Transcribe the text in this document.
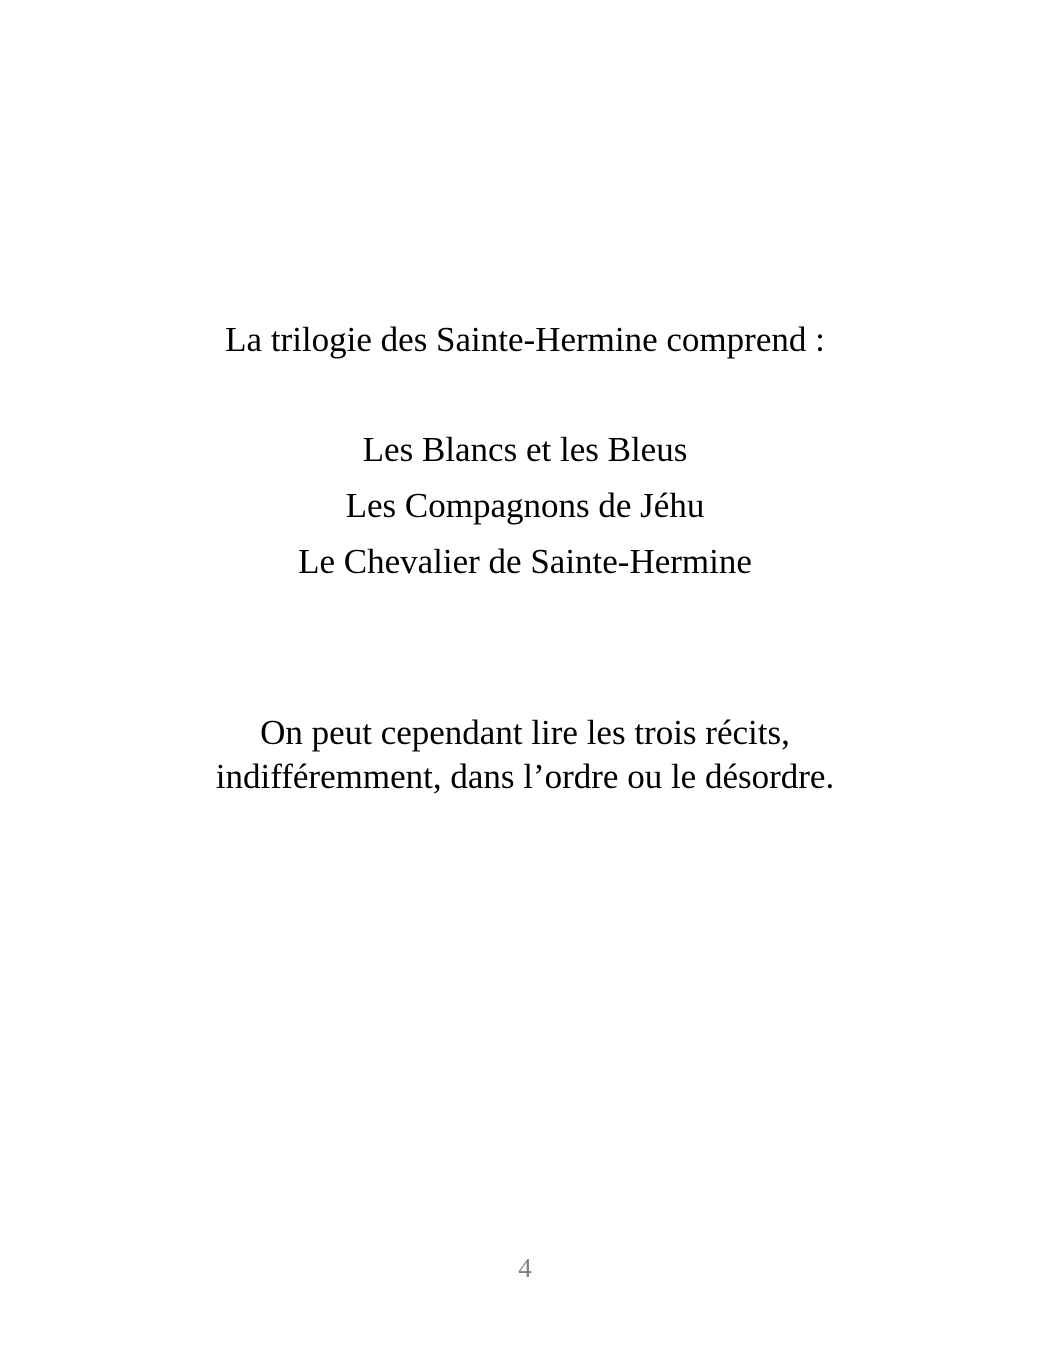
La trilogie des Sainte-Hermine comprend :
Les Blancs et les Bleus
Les Compagnons de Jéhu
Le Chevalier de Sainte-Hermine
On peut cependant lire les trois récits,
indifféremment, dans l’ordre ou le désordre.
4
